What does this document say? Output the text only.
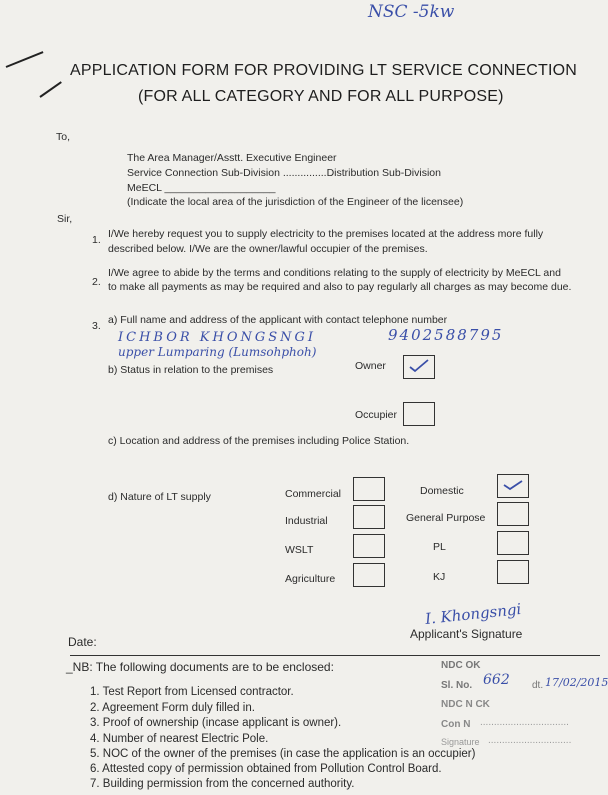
NSC -5kw
APPLICATION FORM FOR PROVIDING LT SERVICE CONNECTION
(FOR ALL CATEGORY AND FOR ALL PURPOSE)
To,
The Area Manager/Asstt. Executive Engineer
Service Connection Sub-Division ...............Distribution Sub-Division
MeECL ___________________
(Indicate the local area of the jurisdiction of the Engineer of the licensee)
Sir,
1. I/We hereby request you to supply electricity to the premises located at the address more fully
described below. I/We are the owner/lawful occupier of the premises.
2.
I/We agree to abide by the terms and conditions relating to the supply of electricity by MeECL and
to make all payments as may be required and also to pay regularly all charges as may become due.
3. a) Full name and address of the applicant with contact telephone number
ICHBOR KHONGSNGI	9402588795
upper Lumparing (Lumsohphoh)
b) Status in relation to the premises	Owner
Occupier
c) Location and address of the premises including Police Station.
d) Nature of LT supply	Commercial
Industrial
WSLT
Agriculture
Domestic
General Purpose
PL
KJ
I. Khongsngi
Applicant's Signature
Date:
_NB: The following documents are to be enclosed:	NDC OK
Sl. No. 662 dt. 17/02/2015
NDC N CK
Con N ................................
Signature ..............................
1. Test Report from Licensed contractor.
2. Agreement Form duly filled in.
3. Proof of ownership (incase applicant is owner).
4. Number of nearest Electric Pole.
5. NOC of the owner of the premises (in case the application is an occupier)
6. Attested copy of permission obtained from Pollution Control Board.
7. Building permission from the concerned authority.
